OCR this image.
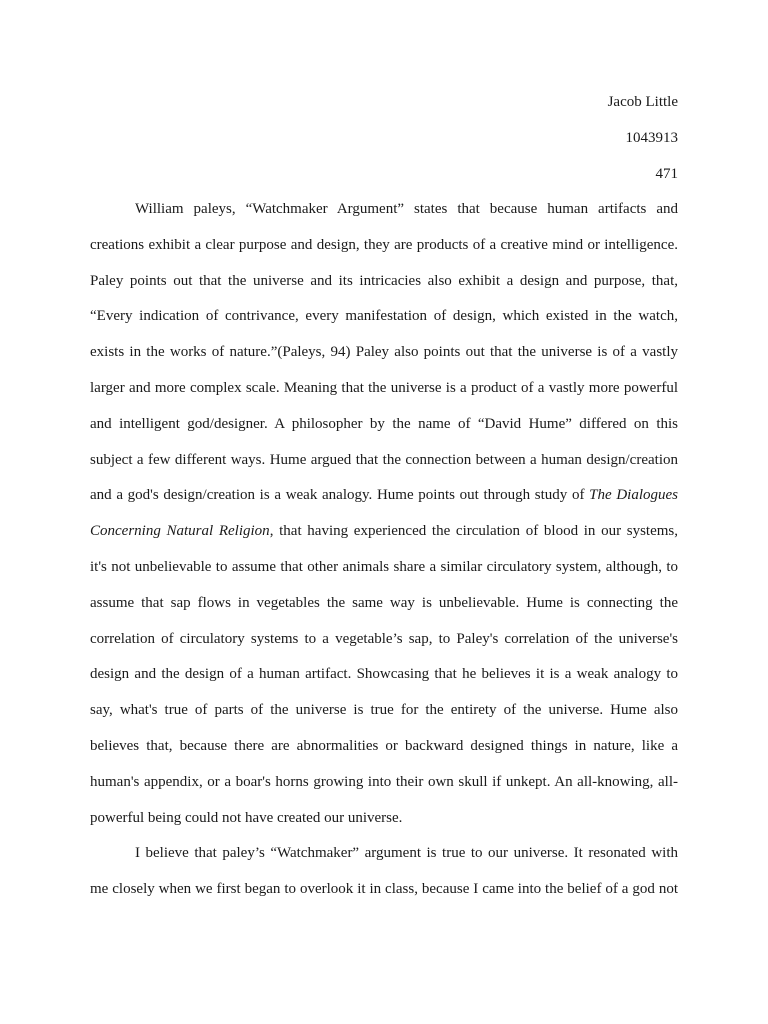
Jacob Little
1043913
471
William paleys, “Watchmaker Argument” states that because human artifacts and
creations exhibit a clear purpose and design, they are products of a creative mind or intelligence.
Paley points out that the universe and its intricacies also exhibit a design and purpose, that,
“Every indication of contrivance, every manifestation of design, which existed in the watch,
exists in the works of nature.”(Paleys, 94) Paley also points out that the universe is of a vastly
larger and more complex scale. Meaning that the universe is a product of a vastly more powerful
and intelligent god/designer. A philosopher by the name of “David Hume” differed on this
subject a few different ways. Hume argued that the connection between a human design/creation
and a god's design/creation is a weak analogy. Hume points out through study of The Dialogues
Concerning Natural Religion, that having experienced the circulation of blood in our systems,
it's not unbelievable to assume that other animals share a similar circulatory system, although, to
assume that sap flows in vegetables the same way is unbelievable. Hume is connecting the
correlation of circulatory systems to a vegetable’s sap, to Paley's correlation of the universe's
design and the design of a human artifact. Showcasing that he believes it is a weak analogy to
say, what's true of parts of the universe is true for the entirety of the universe. Hume also
believes that, because there are abnormalities or backward designed things in nature, like a
human's appendix, or a boar's horns growing into their own skull if unkept. An all-knowing, all-
powerful being could not have created our universe.
I believe that paley’s “Watchmaker” argument is true to our universe. It resonated with
me closely when we first began to overlook it in class, because I came into the belief of a god not
